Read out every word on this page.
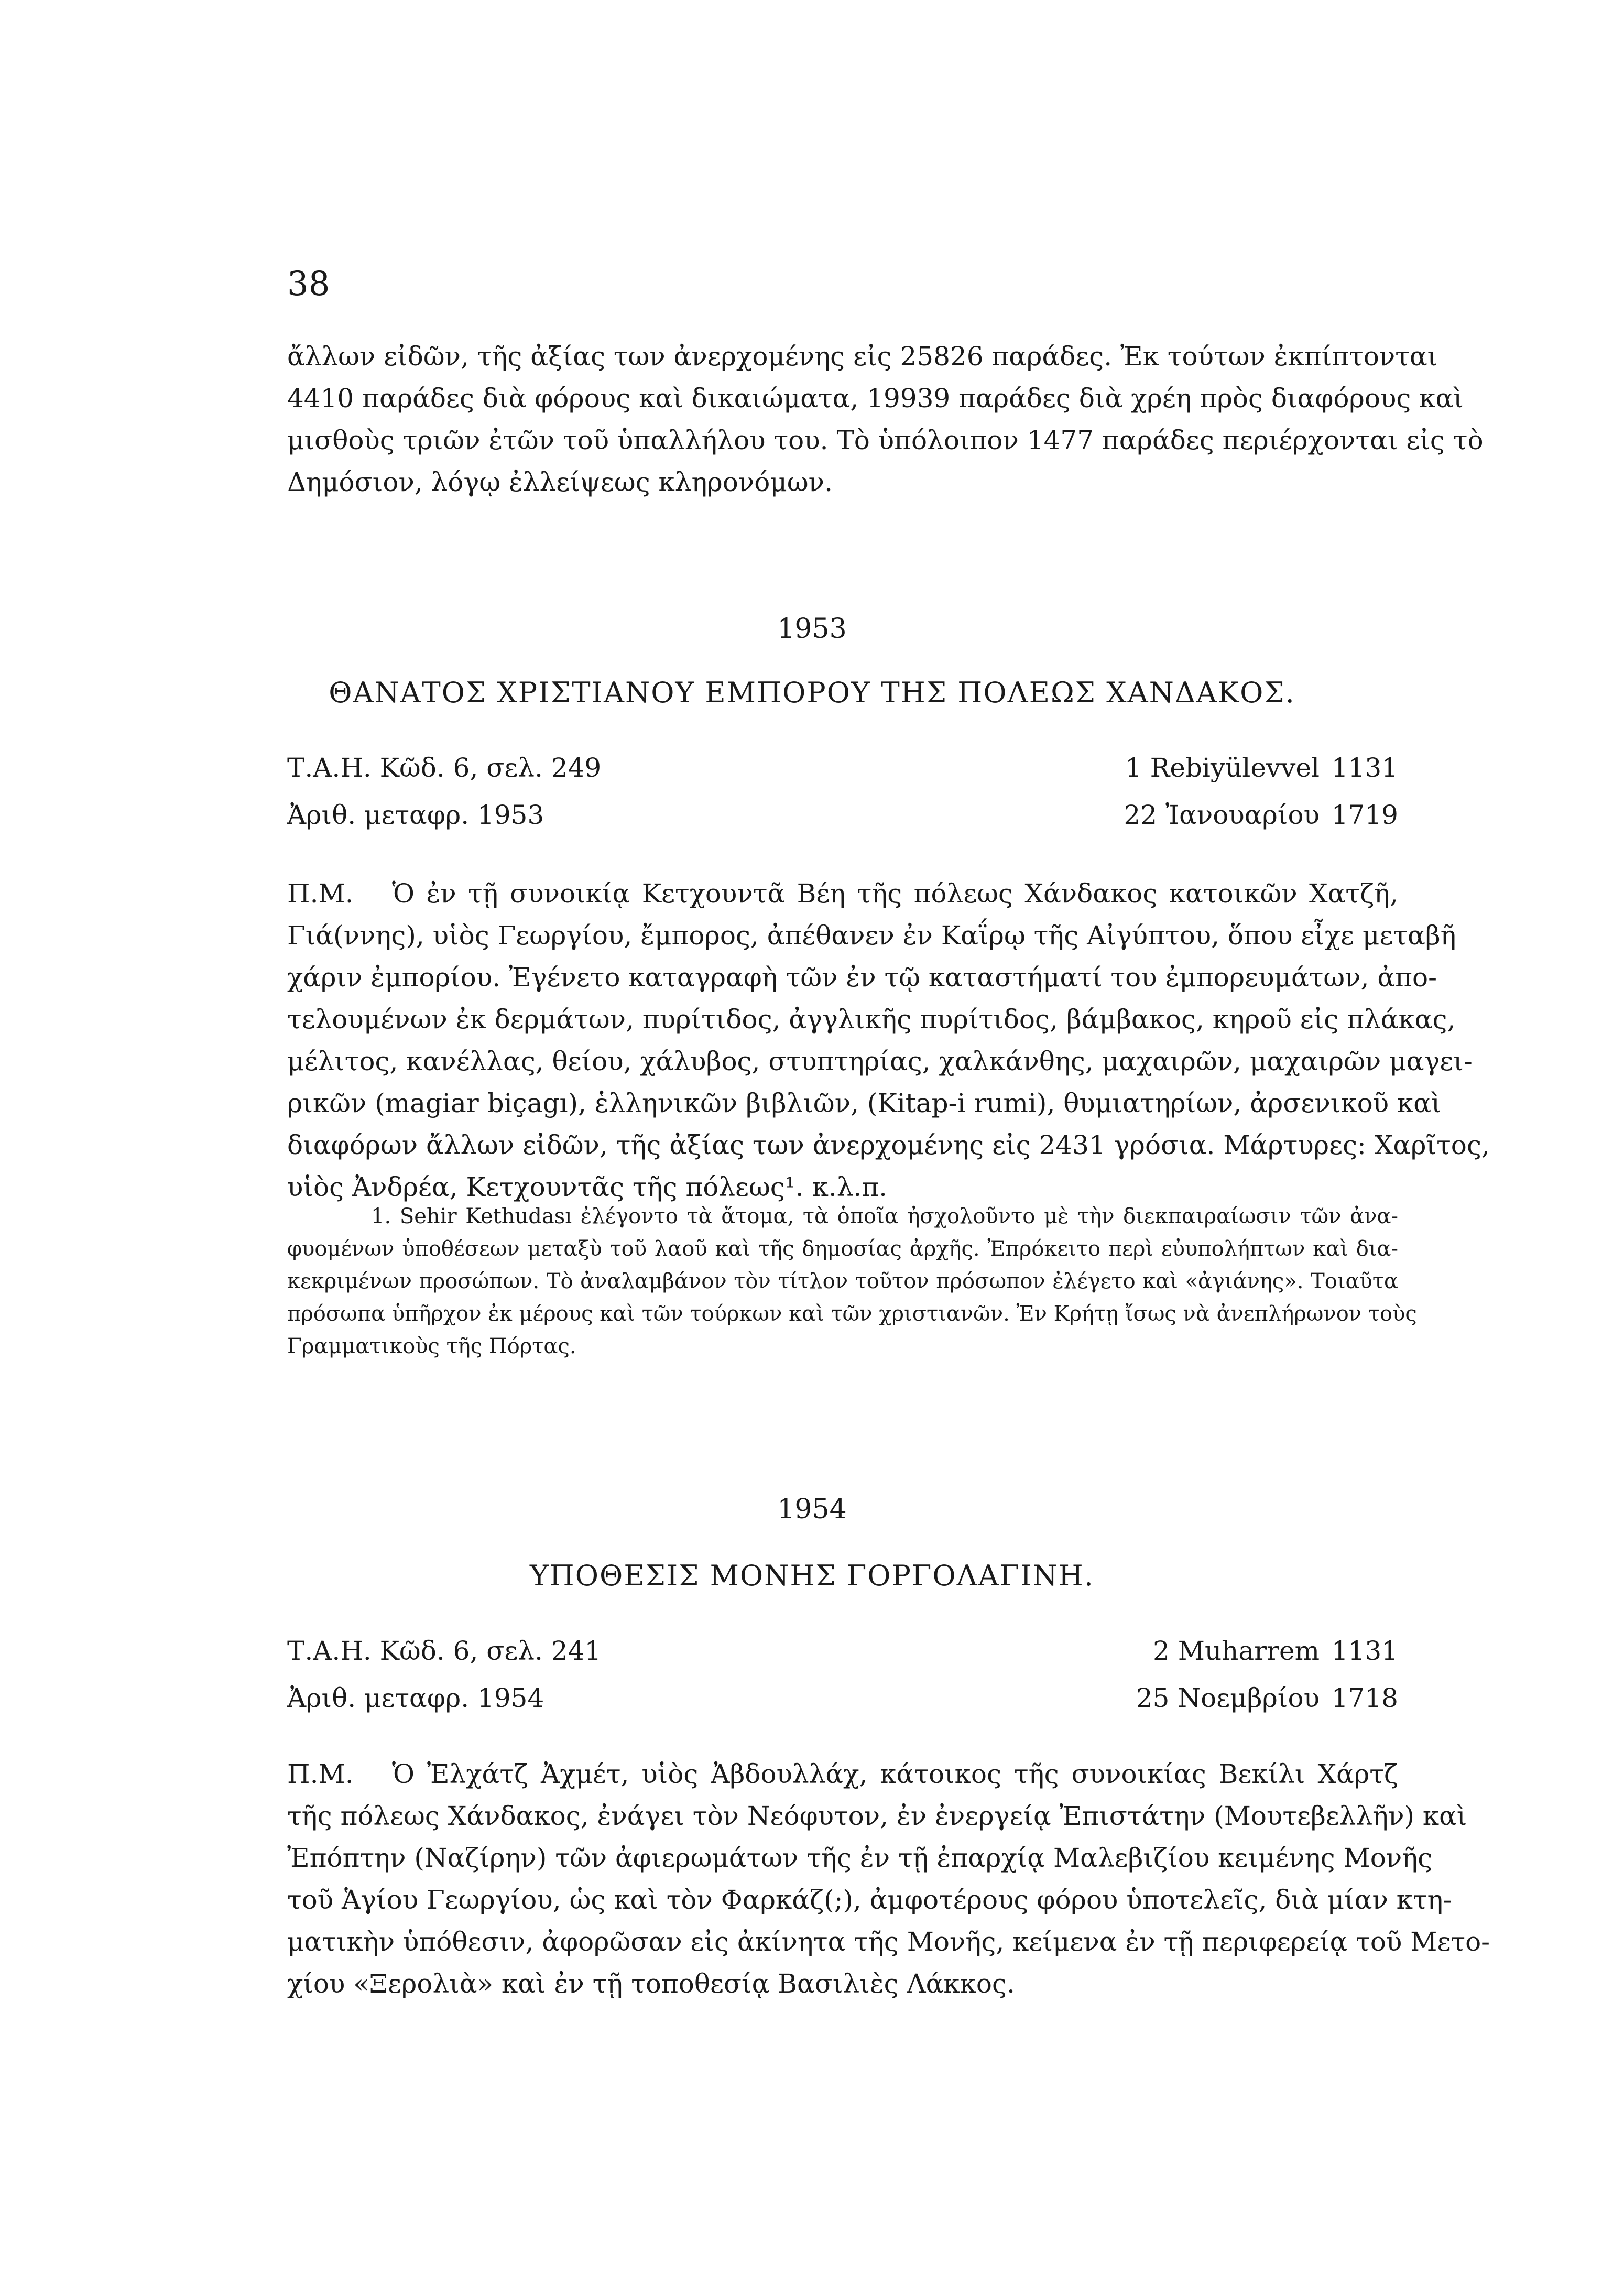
38
ἄλλων εἰδῶν, τῆς ἀξίας των ἀνερχομένης εἰς 25826 παράδες. Ἐκ τούτων ἐκπίπτονται
4410 παράδες διὰ φόρους καὶ δικαιώματα, 19939 παράδες διὰ χρέη πρὸς διαφόρους καὶ
μισθοὺς τριῶν ἐτῶν τοῦ ὑπαλλήλου του. Τὸ ὑπόλοιπον 1477 παράδες περιέρχονται εἰς τὸ
Δημόσιον, λόγῳ ἐλλείψεως κληρονόμων.
1953
ΘΑΝΑΤΟΣ ΧΡΙΣΤΙΑΝΟΥ ΕΜΠΟΡΟΥ ΤΗΣ ΠΟΛΕΩΣ ΧΑΝΔΑΚΟΣ.
Τ.Α.Η. Κῶδ. 6, σελ. 249	1 Rebiyülevvel 1131
Ἀριθ. μεταφρ. 1953	22 Ἰανουαρίου 1719
Π.Μ. Ὁ ἐν τῇ συνοικίᾳ Κετχουντᾶ Βέη τῆς πόλεως Χάνδακος κατοικῶν Χατζῆ,
Γιά(ννης), υἱὸς Γεωργίου, ἔμπορος, ἀπέθανεν ἐν Καΐρῳ τῆς Αἰγύπτου, ὅπου εἶχε μεταβῆ
χάριν ἐμπορίου. Ἐγένετο καταγραφὴ τῶν ἐν τῷ καταστήματί του ἐμπορευμάτων, ἀπο-
τελουμένων ἐκ δερμάτων, πυρίτιδος, ἀγγλικῆς πυρίτιδος, βάμβακος, κηροῦ εἰς πλάκας,
μέλιτος, κανέλλας, θείου, χάλυβος, στυπτηρίας, χαλκάνθης, μαχαιρῶν, μαχαιρῶν μαγει-
ρικῶν (magiar biçagı), ἑλληνικῶν βιβλιῶν, (Kitap-i rumi), θυμιατηρίων, ἀρσενικοῦ καὶ
διαφόρων ἄλλων εἰδῶν, τῆς ἀξίας των ἀνερχομένης εἰς 2431 γρόσια. Μάρτυρες: Χαρῖτος,
υἱὸς Ἀνδρέα, Κετχουντᾶς τῆς πόλεως¹. κ.λ.π.
1. Sehir Kethudası ἐλέγοντο τὰ ἄτομα, τὰ ὁποῖα ἠσχολοῦντο μὲ τὴν διεκπαιραίωσιν τῶν ἀνα-
φυομένων ὑποθέσεων μεταξὺ τοῦ λαοῦ καὶ τῆς δημοσίας ἀρχῆς. Ἐπρόκειτο περὶ εὐυπολήπτων καὶ δια-
κεκριμένων προσώπων. Τὸ ἀναλαμβάνον τὸν τίτλον τοῦτον πρόσωπον ἐλέγετο καὶ «ἀγιάνης». Τοιαῦτα
πρόσωπα ὑπῆρχον ἐκ μέρους καὶ τῶν τούρκων καὶ τῶν χριστιανῶν. Ἐν Κρήτῃ ἴσως νὰ ἀνεπλήρωνον τοὺς
Γραμματικοὺς τῆς Πόρτας.
1954
ΥΠΟΘΕΣΙΣ ΜΟΝΗΣ ΓΟΡΓΟΛΑΓΙΝΗ.
Τ.Α.Η. Κῶδ. 6, σελ. 241	2 Muharrem 1131
Ἀριθ. μεταφρ. 1954	25 Νοεμβρίου 1718
Π.Μ. Ὁ Ἐλχάτζ Ἀχμέτ, υἱὸς Ἀβδουλλάχ, κάτοικος τῆς συνοικίας Βεκίλι Χάρτζ
τῆς πόλεως Χάνδακος, ἐνάγει τὸν Νεόφυτον, ἐν ἐνεργείᾳ Ἐπιστάτην (Μουτεβελλῆν) καὶ
Ἐπόπτην (Ναζίρην) τῶν ἀφιερωμάτων τῆς ἐν τῇ ἐπαρχίᾳ Μαλεβιζίου κειμένης Μονῆς
τοῦ Ἁγίου Γεωργίου, ὡς καὶ τὸν Φαρκάζ(;), ἀμφοτέρους φόρου ὑποτελεῖς, διὰ μίαν κτη-
ματικὴν ὑπόθεσιν, ἀφορῶσαν εἰς ἀκίνητα τῆς Μονῆς, κείμενα ἐν τῇ περιφερείᾳ τοῦ Μετο-
χίου «Ξερολιὰ» καὶ ἐν τῇ τοποθεσίᾳ Βασιλιὲς Λάκκος.
